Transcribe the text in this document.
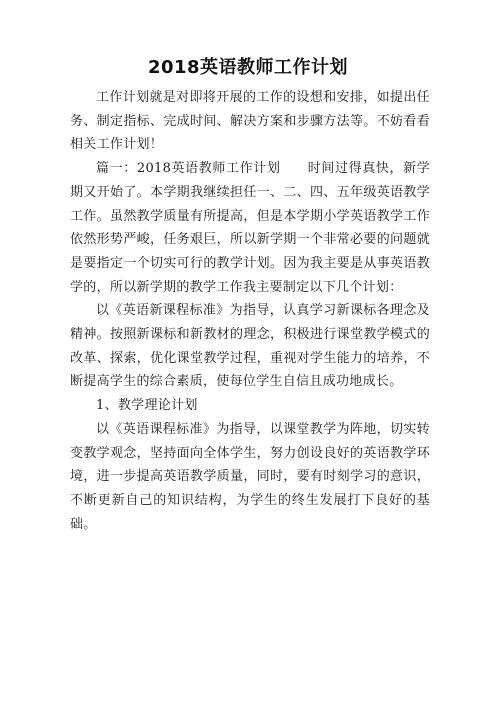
2018英语教师工作计划

工作计划就是对即将开展的工作的设想和安排，如提出任务、制定指标、完成时间、解决方案和步骤方法等。不妨看看相关工作计划！

篇一：2018英语教师工作计划　　时间过得真快，新学期又开始了。本学期我继续担任一、二、四、五年级英语教学工作。虽然教学质量有所提高，但是本学期小学英语教学工作依然形势严峻，任务艰巨，所以新学期一个非常必要的问题就是要指定一个切实可行的教学计划。因为我主要是从事英语教学的，所以新学期的教学工作我主要制定以下几个计划：

以《英语新课程标准》为指导，认真学习新课标各理念及精神。按照新课标和新教材的理念，积极进行课堂教学模式的改革、探索，优化课堂教学过程，重视对学生能力的培养，不断提高学生的综合素质，使每位学生自信且成功地成长。

1、教学理论计划

以《英语课程标准》为指导，以课堂教学为阵地，切实转变教学观念，坚持面向全体学生，努力创设良好的英语教学环境，进一步提高英语教学质量，同时，要有时刻学习的意识，不断更新自己的知识结构，为学生的终生发展打下良好的基础。
